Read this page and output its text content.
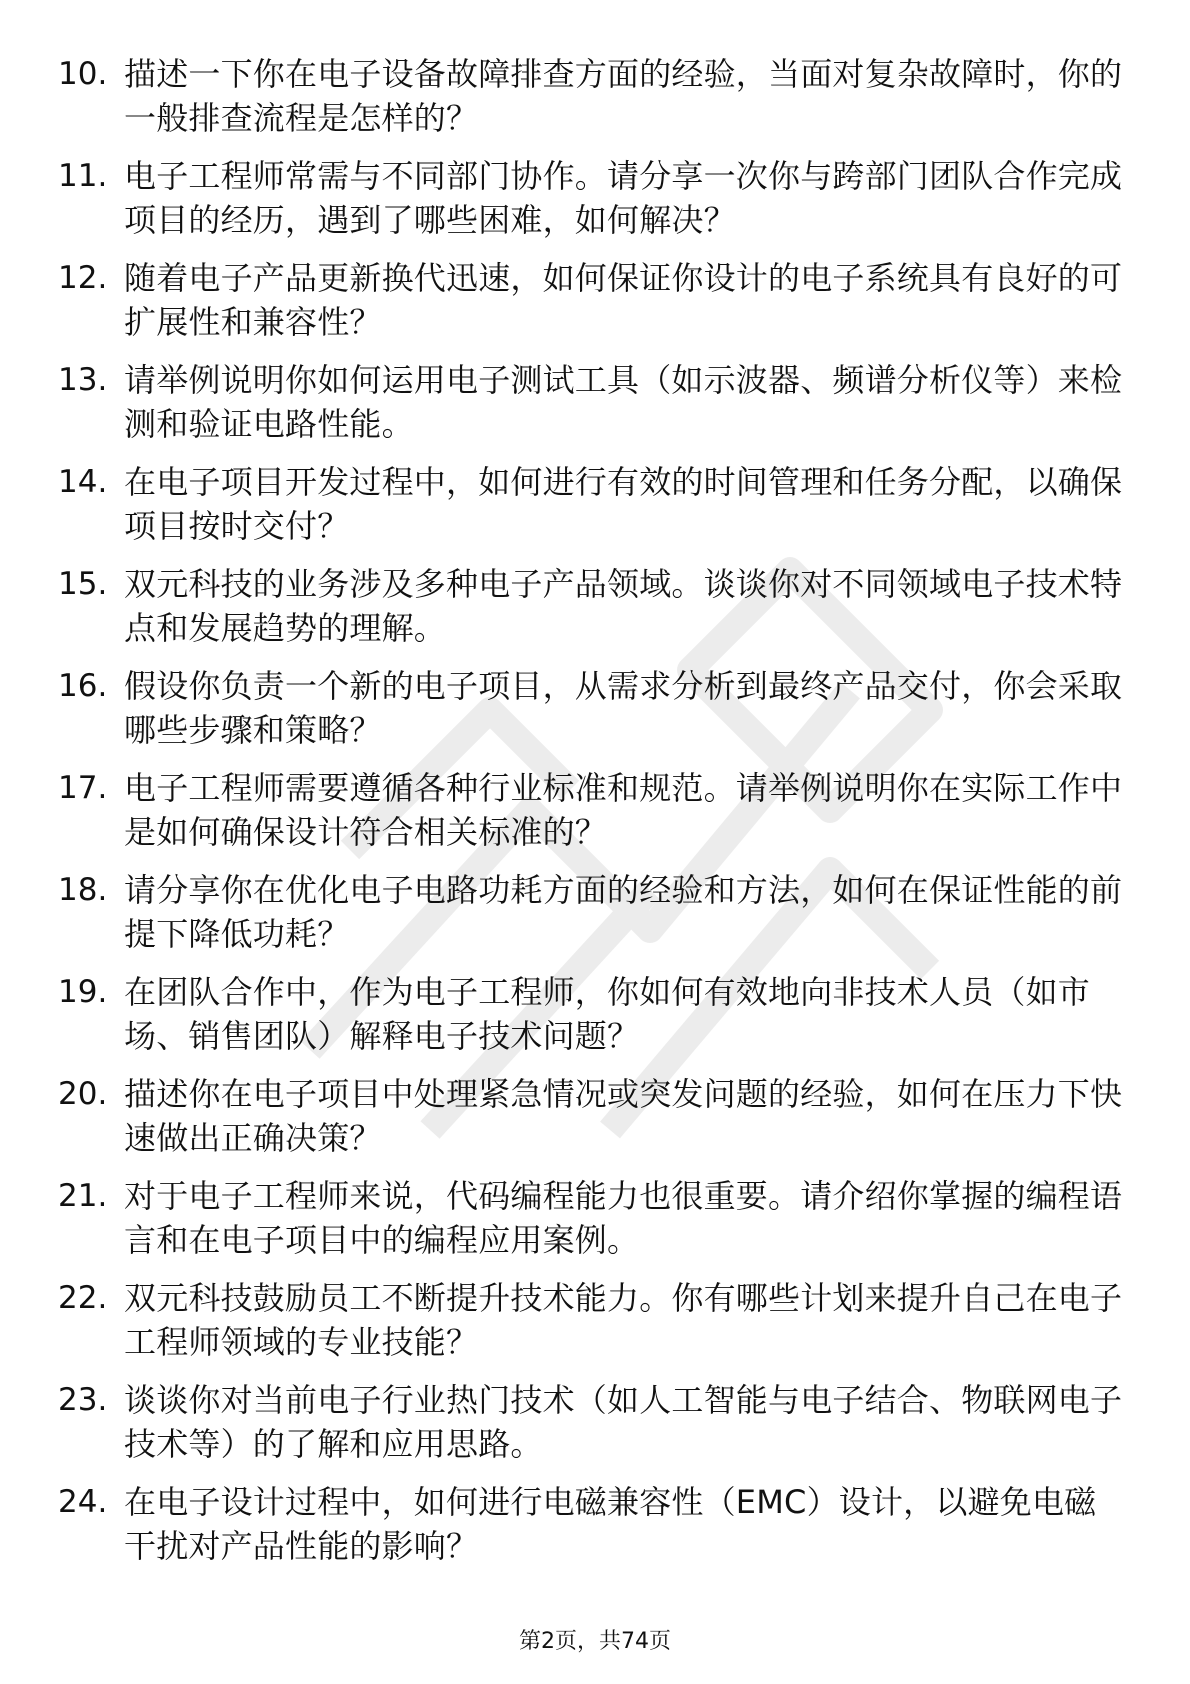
10. 描述一下你在电子设备故障排查方面的经验，当面对复杂故障时，你的一般排查流程是怎样的？
11. 电子工程师常需与不同部门协作。请分享一次你与跨部门团队合作完成项目的经历，遇到了哪些困难，如何解决？
12. 随着电子产品更新换代迅速，如何保证你设计的电子系统具有良好的可扩展性和兼容性？
13. 请举例说明你如何运用电子测试工具（如示波器、频谱分析仪等）来检测和验证电路性能。
14. 在电子项目开发过程中，如何进行有效的时间管理和任务分配，以确保项目按时交付？
15. 双元科技的业务涉及多种电子产品领域。谈谈你对不同领域电子技术特点和发展趋势的理解。
16. 假设你负责一个新的电子项目，从需求分析到最终产品交付，你会采取哪些步骤和策略？
17. 电子工程师需要遵循各种行业标准和规范。请举例说明你在实际工作中是如何确保设计符合相关标准的？
18. 请分享你在优化电子电路功耗方面的经验和方法，如何在保证性能的前提下降低功耗？
19. 在团队合作中，作为电子工程师，你如何有效地向非技术人员（如市场、销售团队）解释电子技术问题？
20. 描述你在电子项目中处理紧急情况或突发问题的经验，如何在压力下快速做出正确决策？
21. 对于电子工程师来说，代码编程能力也很重要。请介绍你掌握的编程语言和在电子项目中的编程应用案例。
22. 双元科技鼓励员工不断提升技术能力。你有哪些计划来提升自己在电子工程师领域的专业技能？
23. 谈谈你对当前电子行业热门技术（如人工智能与电子结合、物联网电子技术等）的了解和应用思路。
24. 在电子设计过程中，如何进行电磁兼容性（EMC）设计，以避免电磁干扰对产品性能的影响？
第2页，共74页
